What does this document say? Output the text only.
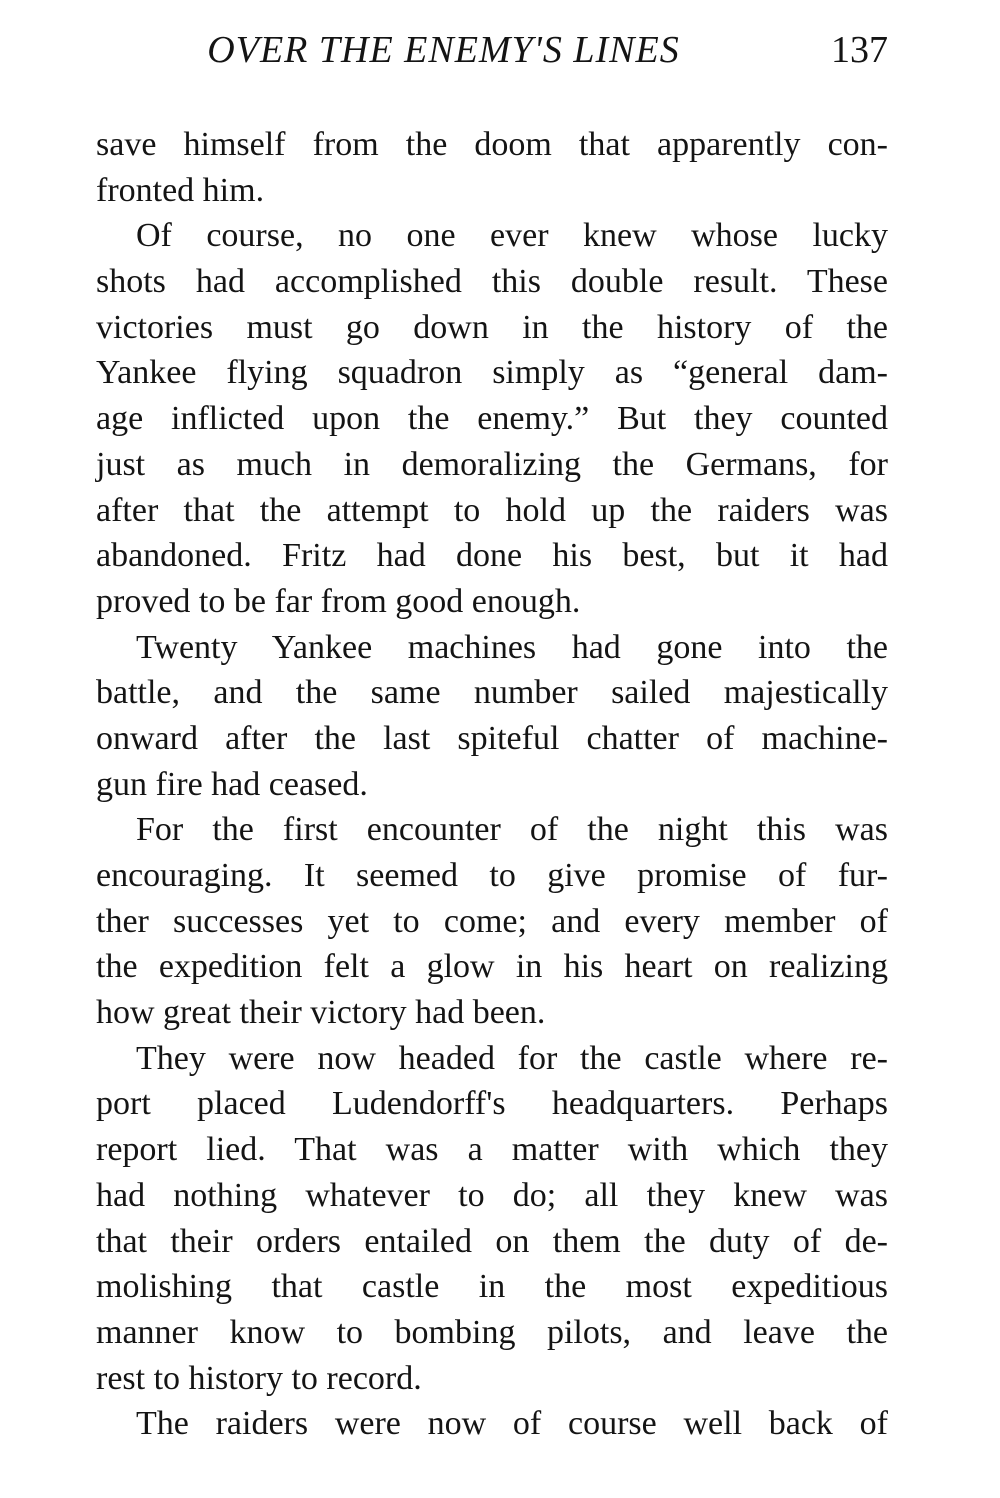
OVER THE ENEMY'S LINES	137
save himself from the doom that apparently con-
fronted him.
Of course, no one ever knew whose lucky
shots had accomplished this double result. These
victories must go down in the history of the
Yankee flying squadron simply as “general dam-
age inflicted upon the enemy.” But they counted
just as much in demoralizing the Germans, for
after that the attempt to hold up the raiders was
abandoned. Fritz had done his best, but it had
proved to be far from good enough.
Twenty Yankee machines had gone into the
battle, and the same number sailed majestically
onward after the last spiteful chatter of machine-
gun fire had ceased.
For the first encounter of the night this was
encouraging. It seemed to give promise of fur-
ther successes yet to come; and every member of
the expedition felt a glow in his heart on realizing
how great their victory had been.
They were now headed for the castle where re-
port placed Ludendorff's headquarters. Perhaps
report lied. That was a matter with which they
had nothing whatever to do; all they knew was
that their orders entailed on them the duty of de-
molishing that castle in the most expeditious
manner know to bombing pilots, and leave the
rest to history to record.
The raiders were now of course well back of
